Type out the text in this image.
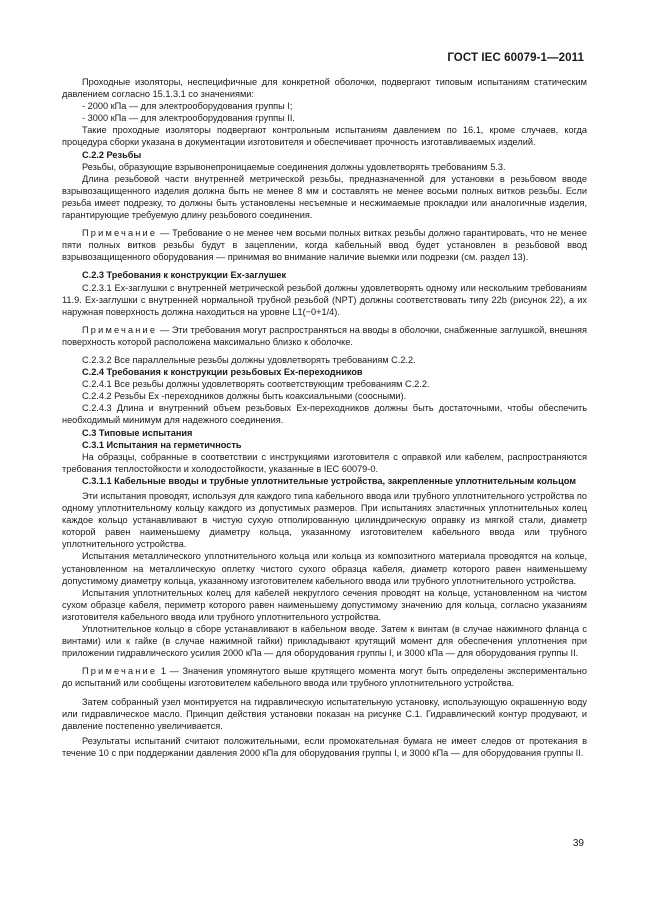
ГОСТ IEC 60079-1—2011

Проходные изоляторы, неспецифичные для конкретной оболочки, подвергают типовым испытаниям статическим давлением согласно 15.1.3.1 со значениями:

- 2000 кПа — для электрооборудования группы I;

- 3000 кПа — для электрооборудования группы II.

Такие проходные изоляторы подвергают контрольным испытаниям давлением по 16.1, кроме случаев, когда процедура сборки указана в документации изготовителя и обеспечивает прочность изготавливаемых изделий.

С.2.2 Резьбы

Резьбы, образующие взрывонепроницаемые соединения должны удовлетворять требованиям 5.3.

Длина резьбовой части внутренней метрической резьбы, предназначенной для установки в резьбовом вводе взрывозащищенного изделия должна быть не менее 8 мм и составлять не менее восьми полных витков резьбы. Если резьба имеет подрезку, то должны быть установлены несъемные и несжимаемые прокладки или аналогичные изделия, гарантирующие требуемую длину резьбового соединения.

Примечание — Требование о не менее чем восьми полных витках резьбы должно гарантировать, что не менее пяти полных витков резьбы будут в зацеплении, когда кабельный ввод будет установлен в резьбовой ввод взрывозащищенного оборудования — принимая во внимание наличие выемки или подрезки (см. раздел 13).

С.2.3 Требования к конструкции Ex-заглушек

С.2.3.1 Ex-заглушки с внутренней метрической резьбой должны удовлетворять одному или нескольким требованиям 11.9. Ex-заглушки с внутренней нормальной трубной резьбой (NPT) должны соответствовать типу 22b (рисунок 22), а их наружная поверхность должна находиться на уровне L1(−0+1/4).

Примечание — Эти требования могут распространяться на вводы в оболочки, снабженные заглушкой, внешняя поверхность которой расположена максимально близко к оболочке.

С.2.3.2 Все параллельные резьбы должны удовлетворять требованиям С.2.2.

С.2.4 Требования к конструкции резьбовых Ex-переходников

С.2.4.1 Все резьбы должны удовлетворять соответствующим требованиям С.2.2.

С.2.4.2 Резьбы Ex -переходников должны быть коаксиальными (соосными).

С.2.4.3 Длина и внутренний объем резьбовых Ex-переходников должны быть достаточными, чтобы обеспечить необходимый минимум для надежного соединения.

С.3 Типовые испытания

С.3.1 Испытания на герметичность

На образцы, собранные в соответствии с инструкциями изготовителя с оправкой или кабелем, распространяются требования теплостойкости и холодостойкости, указанные в IEC 60079-0.

С.3.1.1 Кабельные вводы и трубные уплотнительные устройства, закрепленные уплотнительным кольцом

Эти испытания проводят, используя для каждого типа кабельного ввода или трубного уплотнительного устройства по одному уплотнительному кольцу каждого из допустимых размеров. При испытаниях эластичных уплотнительных колец каждое кольцо устанавливают в чистую сухую отполированную цилиндрическую оправку из мягкой стали, диаметр которой равен наименьшему диаметру кольца, указанному изготовителем кабельного ввода или трубного уплотнительного устройства.

Испытания металлического уплотнительного кольца или кольца из композитного материала проводятся на кольце, установленном на металлическую оплетку чистого сухого образца кабеля, диаметр которого равен наименьшему допустимому диаметру кольца, указанному изготовителем кабельного ввода или трубного уплотнительного устройства.

Испытания уплотнительных колец для кабелей некруглого сечения проводят на кольце, установленном на чистом сухом образце кабеля, периметр которого равен наименьшему допустимому значению для кольца, согласно указаниям изготовителя кабельного ввода или трубного уплотнительного устройства.

Уплотнительное кольцо в сборе устанавливают в кабельном вводе. Затем к винтам (в случае нажимного фланца с винтами) или к гайке (в случае нажимной гайки) прикладывают крутящий момент для обеспечения уплотнения при приложении гидравлического усилия 2000 кПа — для оборудования группы I, и 3000 кПа — для оборудования группы II.

Примечание 1 — Значения упомянутого выше крутящего момента могут быть определены экспериментально до испытаний или сообщены изготовителем кабельного ввода или трубного уплотнительного устройства.

Затем собранный узел монтируется на гидравлическую испытательную установку, использующую окрашенную воду или гидравлическое масло. Принцип действия установки показан на рисунке С.1. Гидравлический контур продувают, и давление постепенно увеличивается.

Результаты испытаний считают положительными, если промокательная бумага не имеет следов от протекания в течение 10 с при поддержании давления 2000 кПа для оборудования группы I, и 3000 кПа — для оборудования группы II.

39
